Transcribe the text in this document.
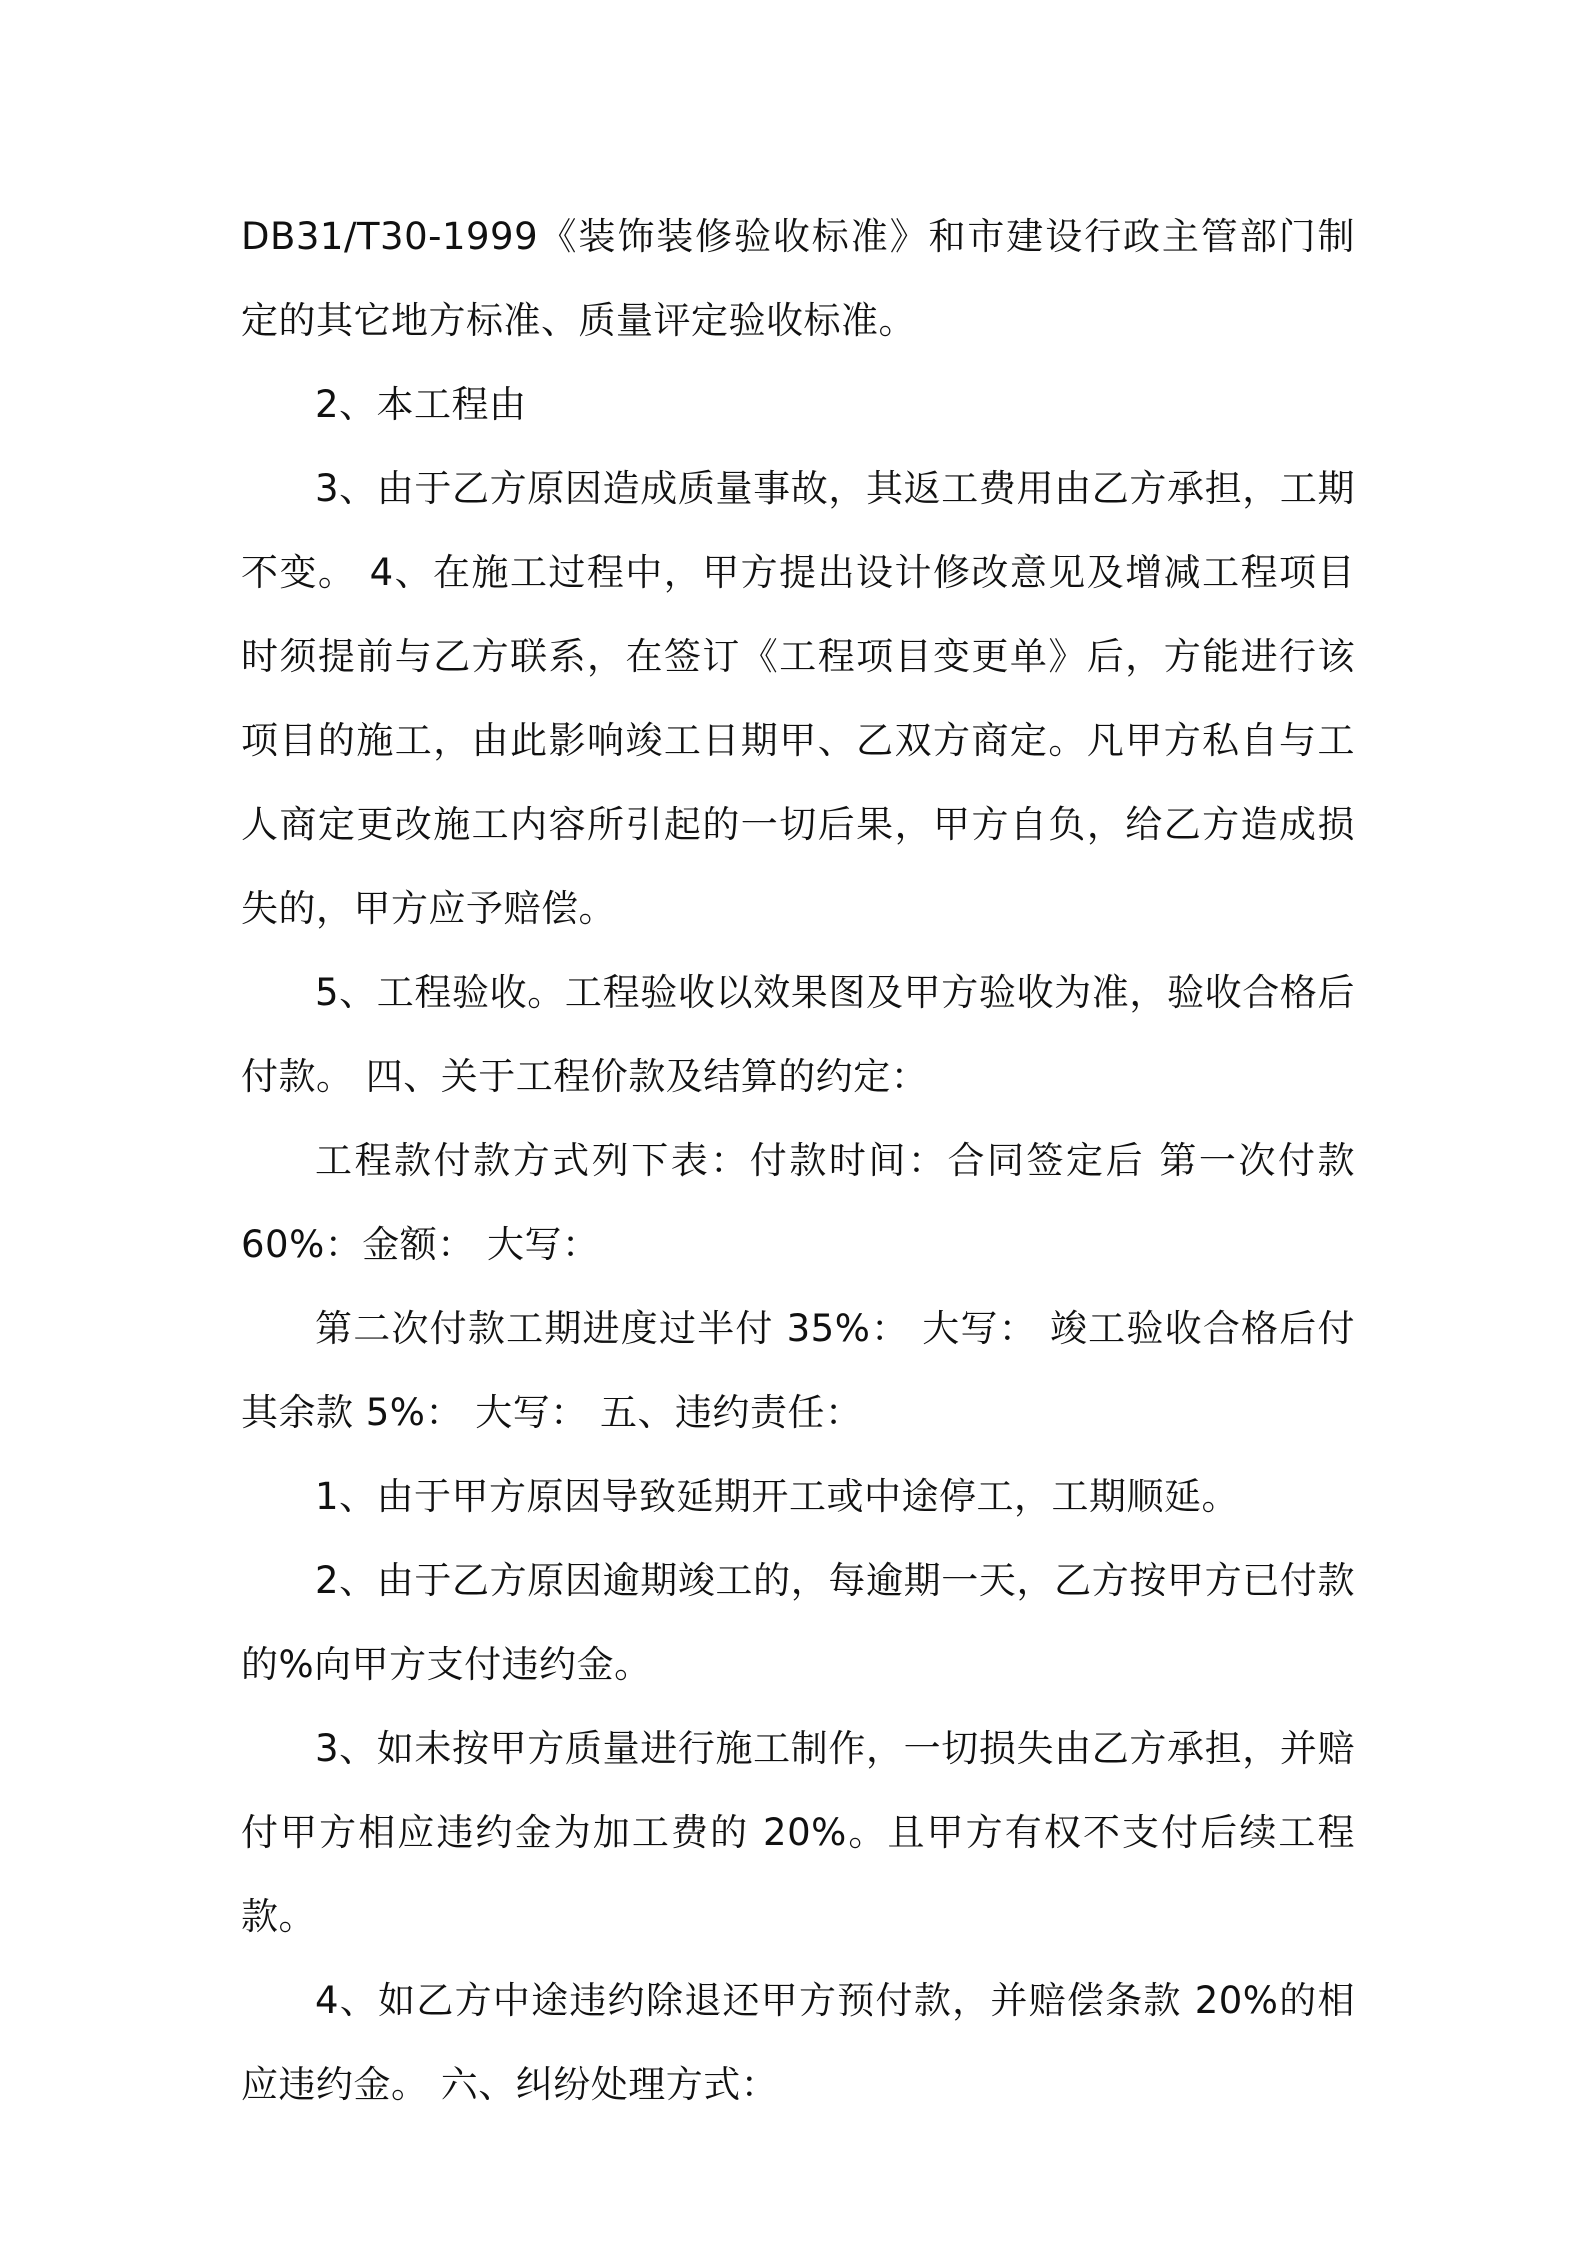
DB31/T30-1999《装饰装修验收标准》和市建设行政主管部门制定的其它地方标准、质量评定验收标准。

2、本工程由

3、由于乙方原因造成质量事故，其返工费用由乙方承担，工期不变。 4、在施工过程中，甲方提出设计修改意见及增减工程项目时须提前与乙方联系，在签订《工程项目变更单》后，方能进行该项目的施工，由此影响竣工日期甲、乙双方商定。凡甲方私自与工人商定更改施工内容所引起的一切后果，甲方自负，给乙方造成损失的，甲方应予赔偿。

5、工程验收。工程验收以效果图及甲方验收为准，验收合格后付款。 四、关于工程价款及结算的约定：

工程款付款方式列下表：付款时间：合同签定后 第一次付款 60%：金额： 大写：

第二次付款工期进度过半付 35%： 大写： 竣工验收合格后付其余款 5%： 大写： 五、违约责任：

1、由于甲方原因导致延期开工或中途停工，工期顺延。

2、由于乙方原因逾期竣工的，每逾期一天，乙方按甲方已付款的%向甲方支付违约金。

3、如未按甲方质量进行施工制作，一切损失由乙方承担，并赔付甲方相应违约金为加工费的 20%。且甲方有权不支付后续工程款。

4、如乙方中途违约除退还甲方预付款，并赔偿条款 20%的相应违约金。 六、纠纷处理方式：
